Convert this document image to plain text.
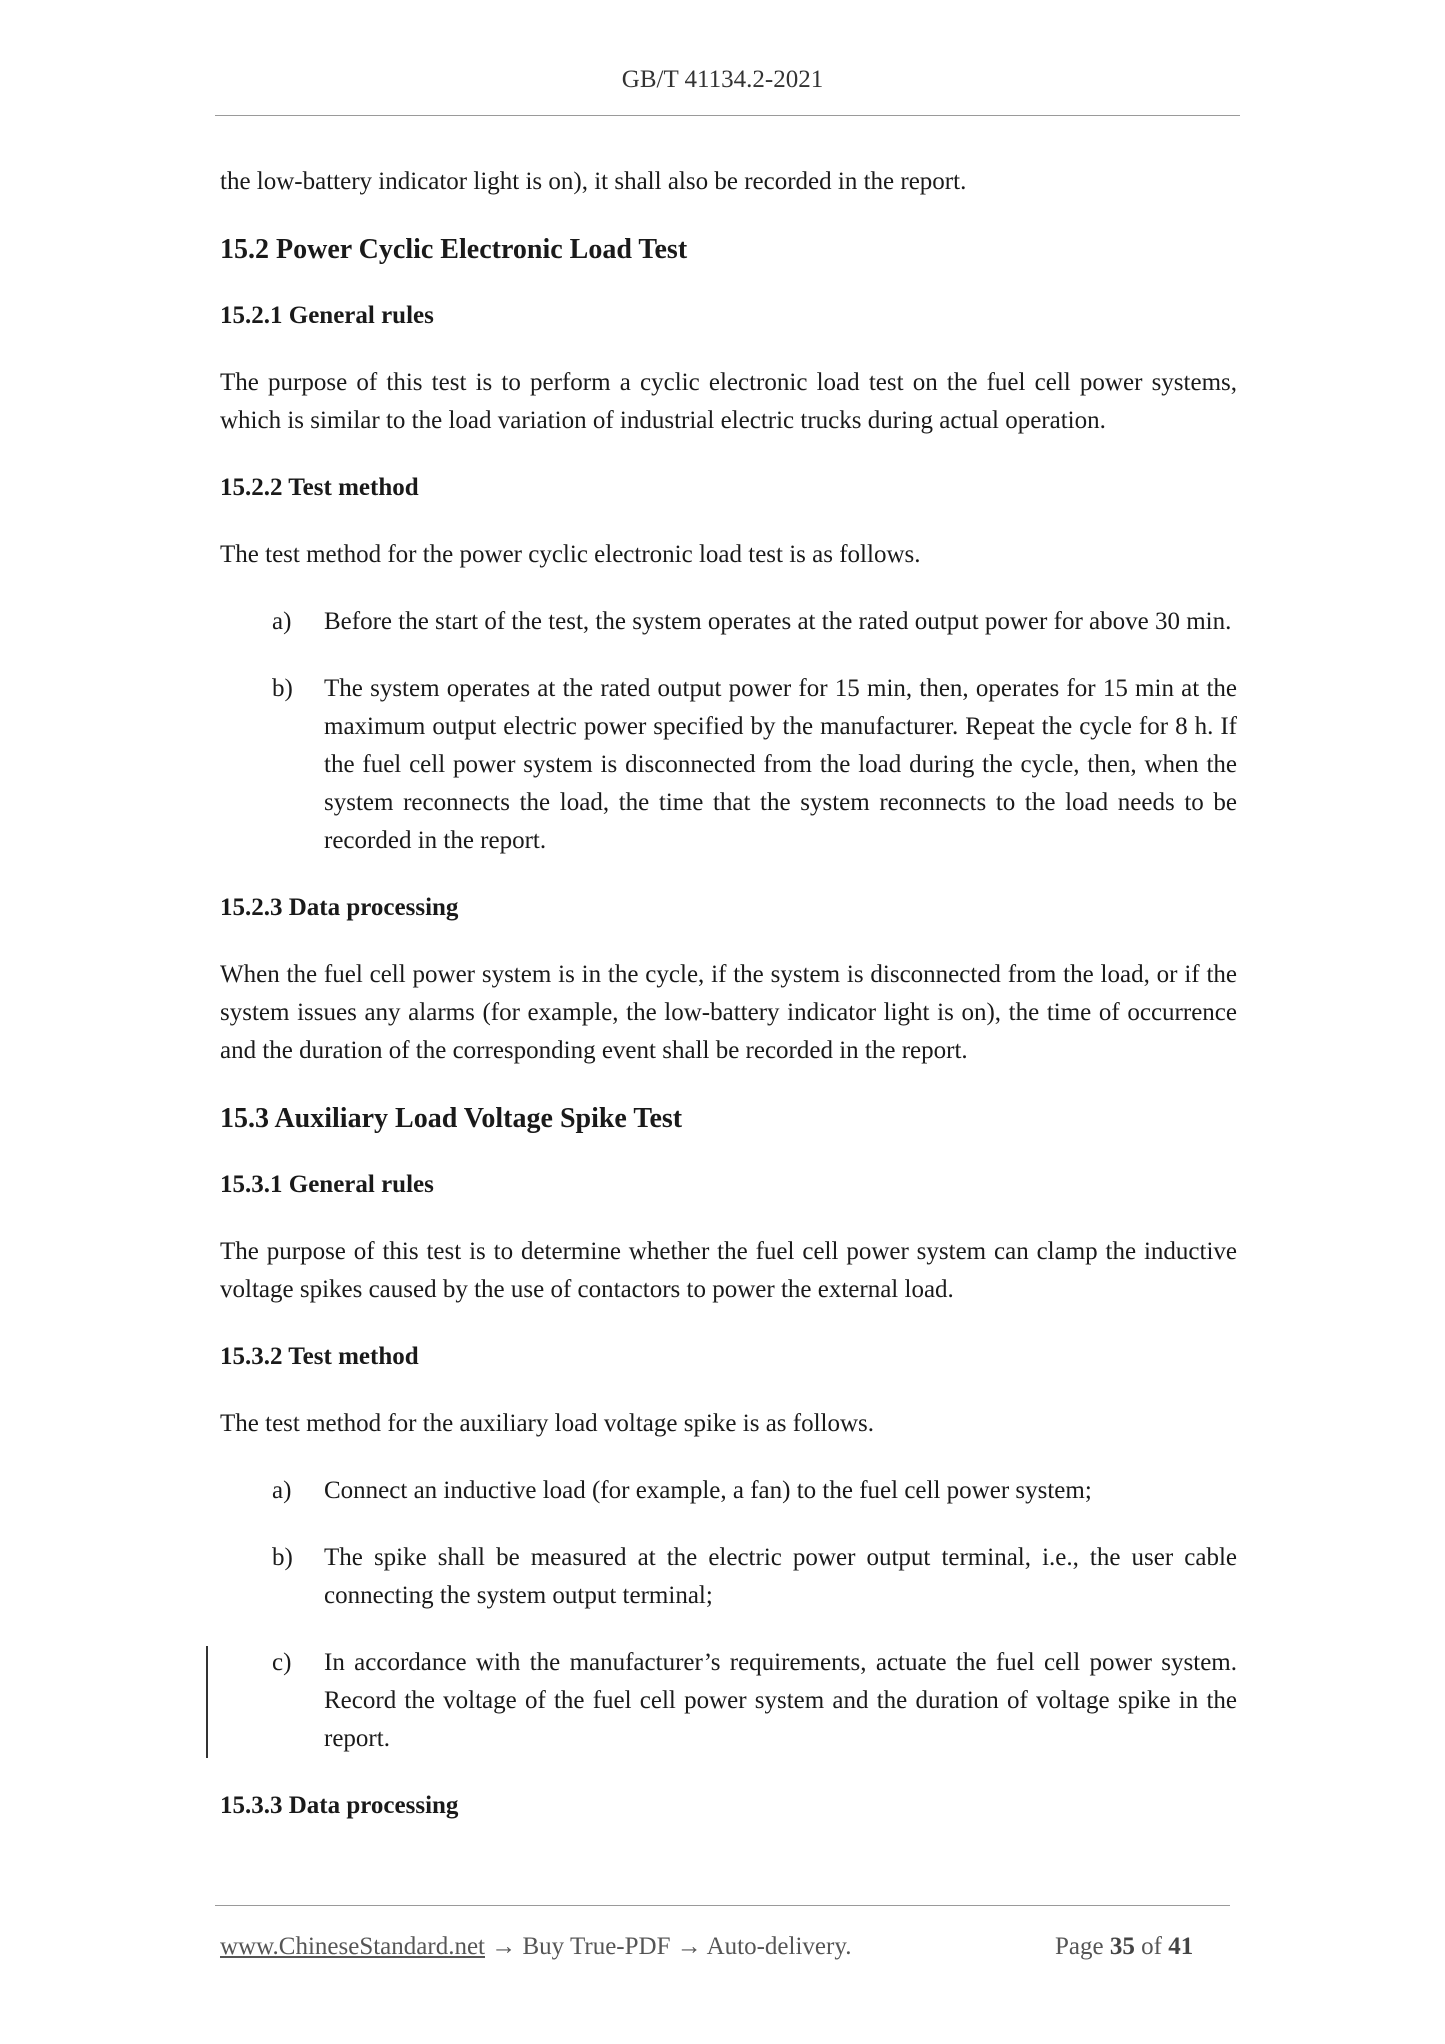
GB/T 41134.2-2021

the low-battery indicator light is on), it shall also be recorded in the report.

15.2 Power Cyclic Electronic Load Test
15.2.1 General rules

The purpose of this test is to perform a cyclic electronic load test on the fuel cell power systems, which is similar to the load variation of industrial electric trucks during actual operation.

15.2.2 Test method

The test method for the power cyclic electronic load test is as follows.

a) Before the start of the test, the system operates at the rated output power for above 30 min.

b) The system operates at the rated output power for 15 min, then, operates for 15 min at the maximum output electric power specified by the manufacturer. Repeat the cycle for 8 h. If the fuel cell power system is disconnected from the load during the cycle, then, when the system reconnects the load, the time that the system reconnects to the load needs to be recorded in the report.

15.2.3 Data processing

When the fuel cell power system is in the cycle, if the system is disconnected from the load, or if the system issues any alarms (for example, the low-battery indicator light is on), the time of occurrence and the duration of the corresponding event shall be recorded in the report.

15.3 Auxiliary Load Voltage Spike Test
15.3.1 General rules

The purpose of this test is to determine whether the fuel cell power system can clamp the inductive voltage spikes caused by the use of contactors to power the external load.

15.3.2 Test method

The test method for the auxiliary load voltage spike is as follows.

a) Connect an inductive load (for example, a fan) to the fuel cell power system;

b) The spike shall be measured at the electric power output terminal, i.e., the user cable connecting the system output terminal;

c) In accordance with the manufacturer’s requirements, actuate the fuel cell power system. Record the voltage of the fuel cell power system and the duration of voltage spike in the report.

15.3.3 Data processing
www.ChineseStandard.net → Buy True-PDF → Auto-delivery.	Page 35 of 41
